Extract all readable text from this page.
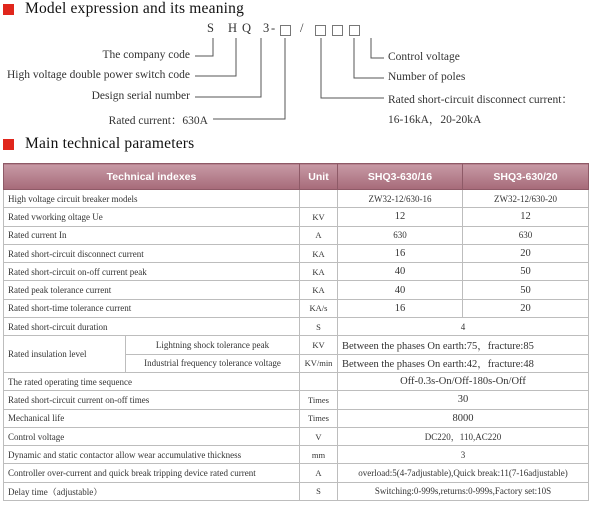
Model expression and its meaning
S H Q 3
- /
The company code
High voltage double power switch code
Design serial number
Rated current：630A
Control voltage
Number of poles
Rated short-circuit disconnect current：
16-16kA，20-20kA
Main technical parameters
Technical indexes		Unit	SHQ3-630/16	SHQ3-630/20
High voltage circuit breaker models			ZW32-12/630-16	ZW32-12/630-20
Rated vworking oltage Ue		KV	12	12
Rated current In		A	630	630
Rated short-circuit disconnect current		KA	16	20
Rated short-circuit on-off current peak		KA	40	50
Rated peak tolerance current		KA	40	50
Rated short-time tolerance current		KA/s	16	20
Rated short-circuit duration		S	4	
Rated insulation level	Lightning shock tolerance peak	KV	Between the phases On earth:75，fracture:85	
	Industrial frequency tolerance voltage	KV/min	Between the phases On earth:42，fracture:48	
The rated operating time sequence			Off-0.3s-On/Off-180s-On/Off	
Rated short-circuit current on-off times		Times	30	
Mechanical life		Times	8000	
Control voltage		V	DC220，110,AC220	
Dynamic and static contactor allow wear accumulative thickness		mm	3	
Controller over-current and quick break tripping device rated current		A	overload:5(4-7adjustable),Quick break:11(7-16adjustable)	
Delay time（adjustable）		S	Switching:0-999s,returns:0-999s,Factory set:10S	
